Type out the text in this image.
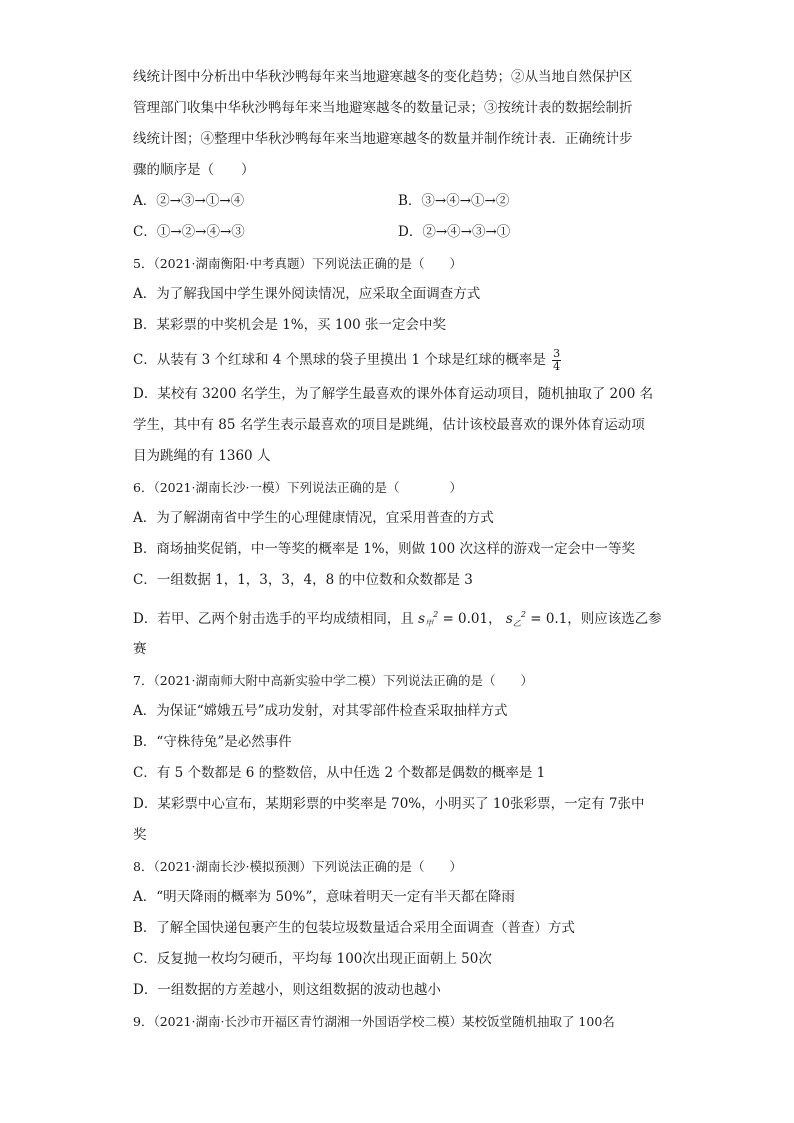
线统计图中分析出中华秋沙鸭每年来当地避寒越冬的变化趋势；②从当地自然保护区
管理部门收集中华秋沙鸭每年来当地避寒越冬的数量记录；③按统计表的数据绘制折
线统计图；④整理中华秋沙鸭每年来当地避寒越冬的数量并制作统计表．正确统计步
骤的顺序是（　　）
A．②→③→①→④	B．③→④→①→②
C．①→②→④→③	D．②→④→③→①
5．（2021·湖南衡阳·中考真题）下列说法正确的是（　　）
A．为了解我国中学生课外阅读情况，应采取全面调查方式
B．某彩票的中奖机会是 1%，买 100 张一定会中奖
C．从装有 3 个红球和 4 个黑球的袋子里摸出 1 个球是红球的概率是 $\frac{3}{4}$
D．某校有 3200 名学生，为了解学生最喜欢的课外体育运动项目，随机抽取了 200 名
学生，其中有 85 名学生表示最喜欢的项目是跳绳，估计该校最喜欢的课外体育运动项
目为跳绳的有 1360 人
6．（2021·湖南长沙·一模）下列说法正确的是（　　　　）
A．为了解湖南省中学生的心理健康情况，宜采用普查的方式
B．商场抽奖促销，中一等奖的概率是 1%，则做 100 次这样的游戏一定会中一等奖
C．一组数据 1，1，3，3，4，8 的中位数和众数都是 3
D．若甲、乙两个射击选手的平均成绩相同，且 $s_甲^2 = 0.01$， $s_乙^2 = 0.1$，则应该选乙参
赛
7．（2021·湖南师大附中高新实验中学二模）下列说法正确的是（　　）
A．为保证“嫦娥五号”成功发射，对其零部件检查采取抽样方式
B．“守株待兔”是必然事件
C．有 5 个数都是 6 的整数倍，从中任选 2 个数都是偶数的概率是 1
D．某彩票中心宣布，某期彩票的中奖率是 70%，小明买了 10张彩票，一定有 7张中
奖
8．（2021·湖南长沙·模拟预测）下列说法正确的是（　　）
A．“明天降雨的概率为 50%”，意味着明天一定有半天都在降雨
B．了解全国快递包裹产生的包装垃圾数量适合采用全面调查（普查）方式
C．反复抛一枚均匀硬币，平均每 100次出现正面朝上 50次
D．一组数据的方差越小，则这组数据的波动也越小
9．（2021·湖南·长沙市开福区青竹湖湘一外国语学校二模）某校饭堂随机抽取了 100名
